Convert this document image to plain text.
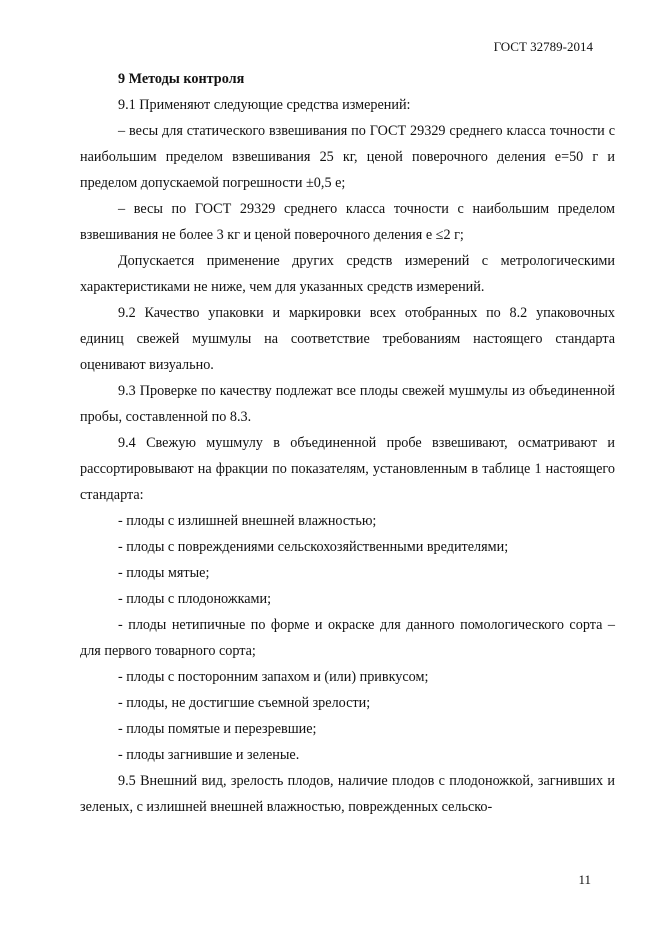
ГОСТ 32789-2014

9 Методы контроля

9.1 Применяют следующие средства измерений:

– весы для статического взвешивания по ГОСТ 29329 среднего класса точности с наибольшим пределом взвешивания 25 кг, ценой поверочного деления е=50 г и пределом допускаемой погрешности ±0,5 е;

– весы по ГОСТ 29329 среднего класса точности с наибольшим пределом взвешивания не более 3 кг и ценой поверочного деления е ≤2 г;

Допускается применение других средств измерений с метрологическими характеристиками не ниже, чем для указанных средств измерений.

9.2 Качество упаковки и маркировки всех отобранных по 8.2 упаковочных единиц свежей мушмулы на соответствие требованиям настоящего стандарта оценивают визуально.

9.3 Проверке по качеству подлежат все плоды свежей мушмулы из объединенной пробы, составленной по 8.3.

9.4 Свежую мушмулу в объединенной пробе взвешивают, осматривают и рассортировывают на фракции по показателям, установленным в таблице 1 настоящего стандарта:

- плоды с излишней внешней влажностью;

- плоды с повреждениями сельскохозяйственными вредителями;

- плоды мятые;

- плоды с плодоножками;

- плоды нетипичные по форме и окраске для данного помологического сорта – для первого товарного сорта;

- плоды с посторонним запахом и (или) привкусом;

- плоды, не достигшие съемной зрелости;

- плоды помятые и перезревшие;

- плоды загнившие и зеленые.

9.5 Внешний вид, зрелость плодов, наличие плодов с плодоножкой, загнивших и зеленых, с излишней внешней влажностью, поврежденных сельско-

11
